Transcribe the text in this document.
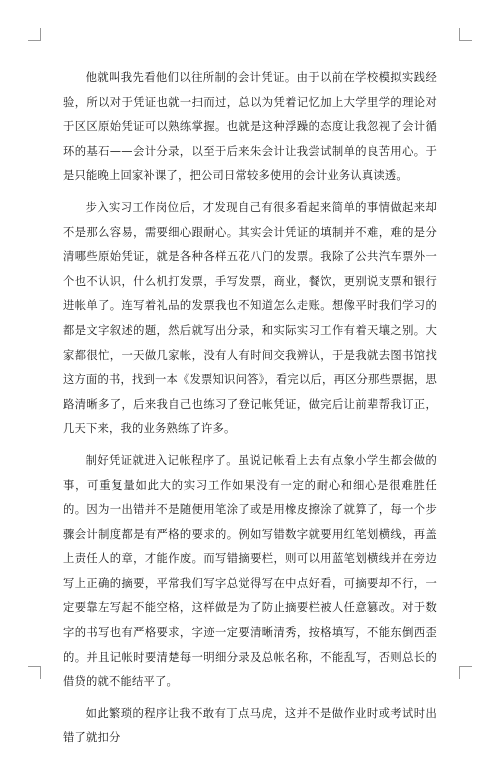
他就叫我先看他们以往所制的会计凭证。由于以前在学校模拟实践经验，所以对于凭证也就一扫而过，总以为凭着记忆加上大学里学的理论对于区区原始凭证可以熟练掌握。也就是这种浮躁的态度让我忽视了会计循环的基石——会计分录，以至于后来朱会计让我尝试制单的良苦用心。于是只能晚上回家补课了，把公司日常较多使用的会计业务认真读透。

步入实习工作岗位后，才发现自己有很多看起来简单的事情做起来却不是那么容易，需要细心跟耐心。其实会计凭证的填制并不难，难的是分清哪些原始凭证，就是各种各样五花八门的发票。我除了公共汽车票外一个也不认识，什么机打发票，手写发票，商业，餐饮，更别说支票和银行进帐单了。连写着礼品的发票我也不知道怎么走账。想像平时我们学习的都是文字叙述的题，然后就写出分录，和实际实习工作有着天壤之别。大家都很忙，一天做几家帐，没有人有时间交我辨认，于是我就去图书馆找这方面的书，找到一本《发票知识问答》，看完以后，再区分那些票据，思路清晰多了，后来我自己也练习了登记帐凭证，做完后让前辈帮我订正，几天下来，我的业务熟练了许多。

制好凭证就进入记帐程序了。虽说记帐看上去有点象小学生都会做的事，可重复量如此大的实习工作如果没有一定的耐心和细心是很难胜任的。因为一出错并不是随便用笔涂了或是用橡皮擦涂了就算了，每一个步骤会计制度都是有严格的要求的。例如写错数字就要用红笔划横线，再盖上责任人的章，才能作废。而写错摘要栏，则可以用蓝笔划横线并在旁边写上正确的摘要，平常我们写字总觉得写在中点好看，可摘要却不行，一定要靠左写起不能空格，这样做是为了防止摘要栏被人任意篡改。对于数字的书写也有严格要求，字迹一定要清晰清秀，按格填写，不能东倒西歪的。并且记帐时要清楚每一明细分录及总帐名称，不能乱写，否则总长的借贷的就不能结平了。

如此繁琐的程序让我不敢有丁点马虎，这并不是做作业时或考试时出错了就扣分
